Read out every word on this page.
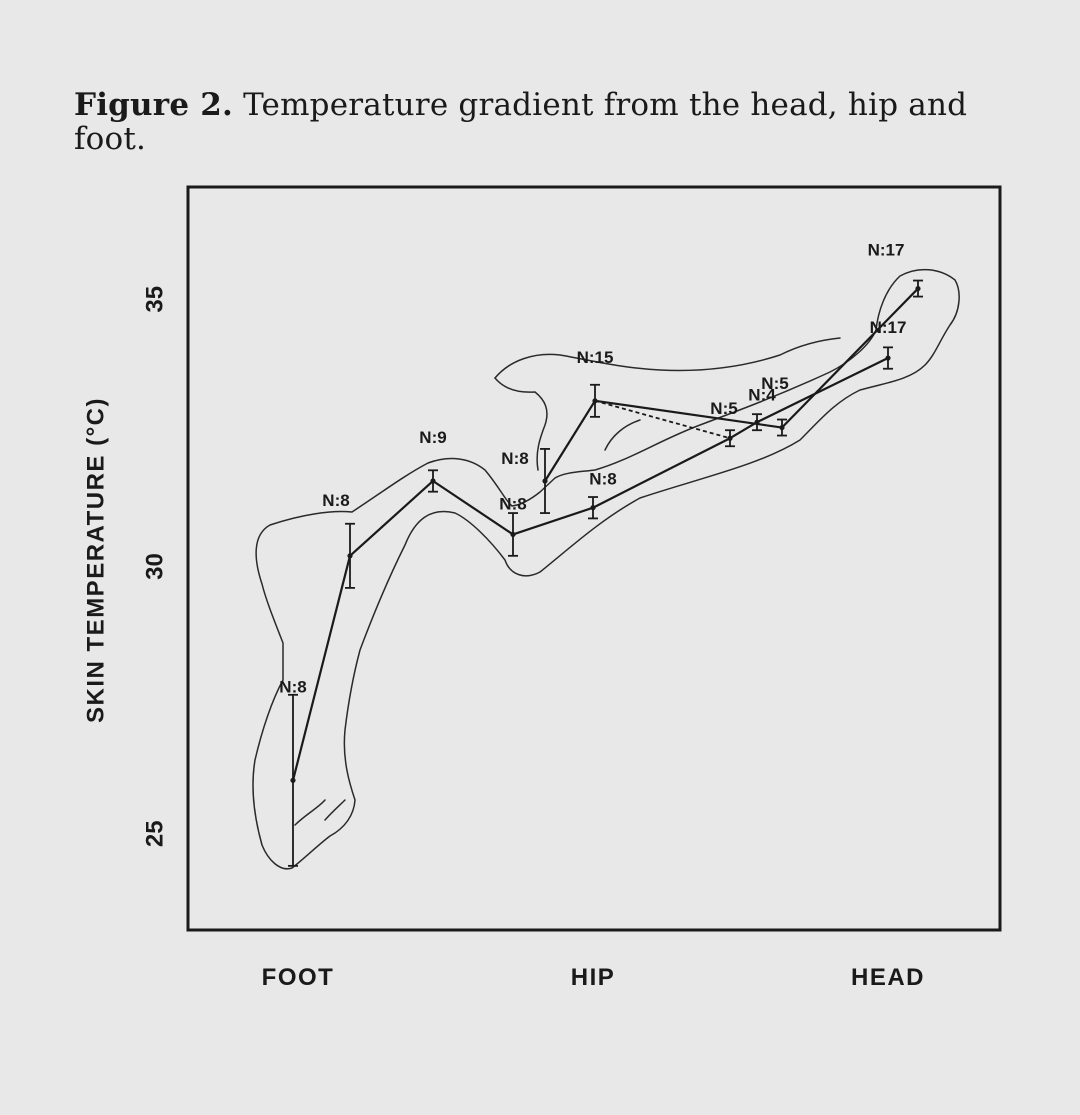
Figure 2. Temperature gradient from the head, hip and foot.
25
30
35
SKIN TEMPERATURE (°C)
FOOT	HIP	HEAD
N:8
N:8
N:9
N:8
N:8
N:5
N:5
N:17
N:8
N:15
N:4
N:17
